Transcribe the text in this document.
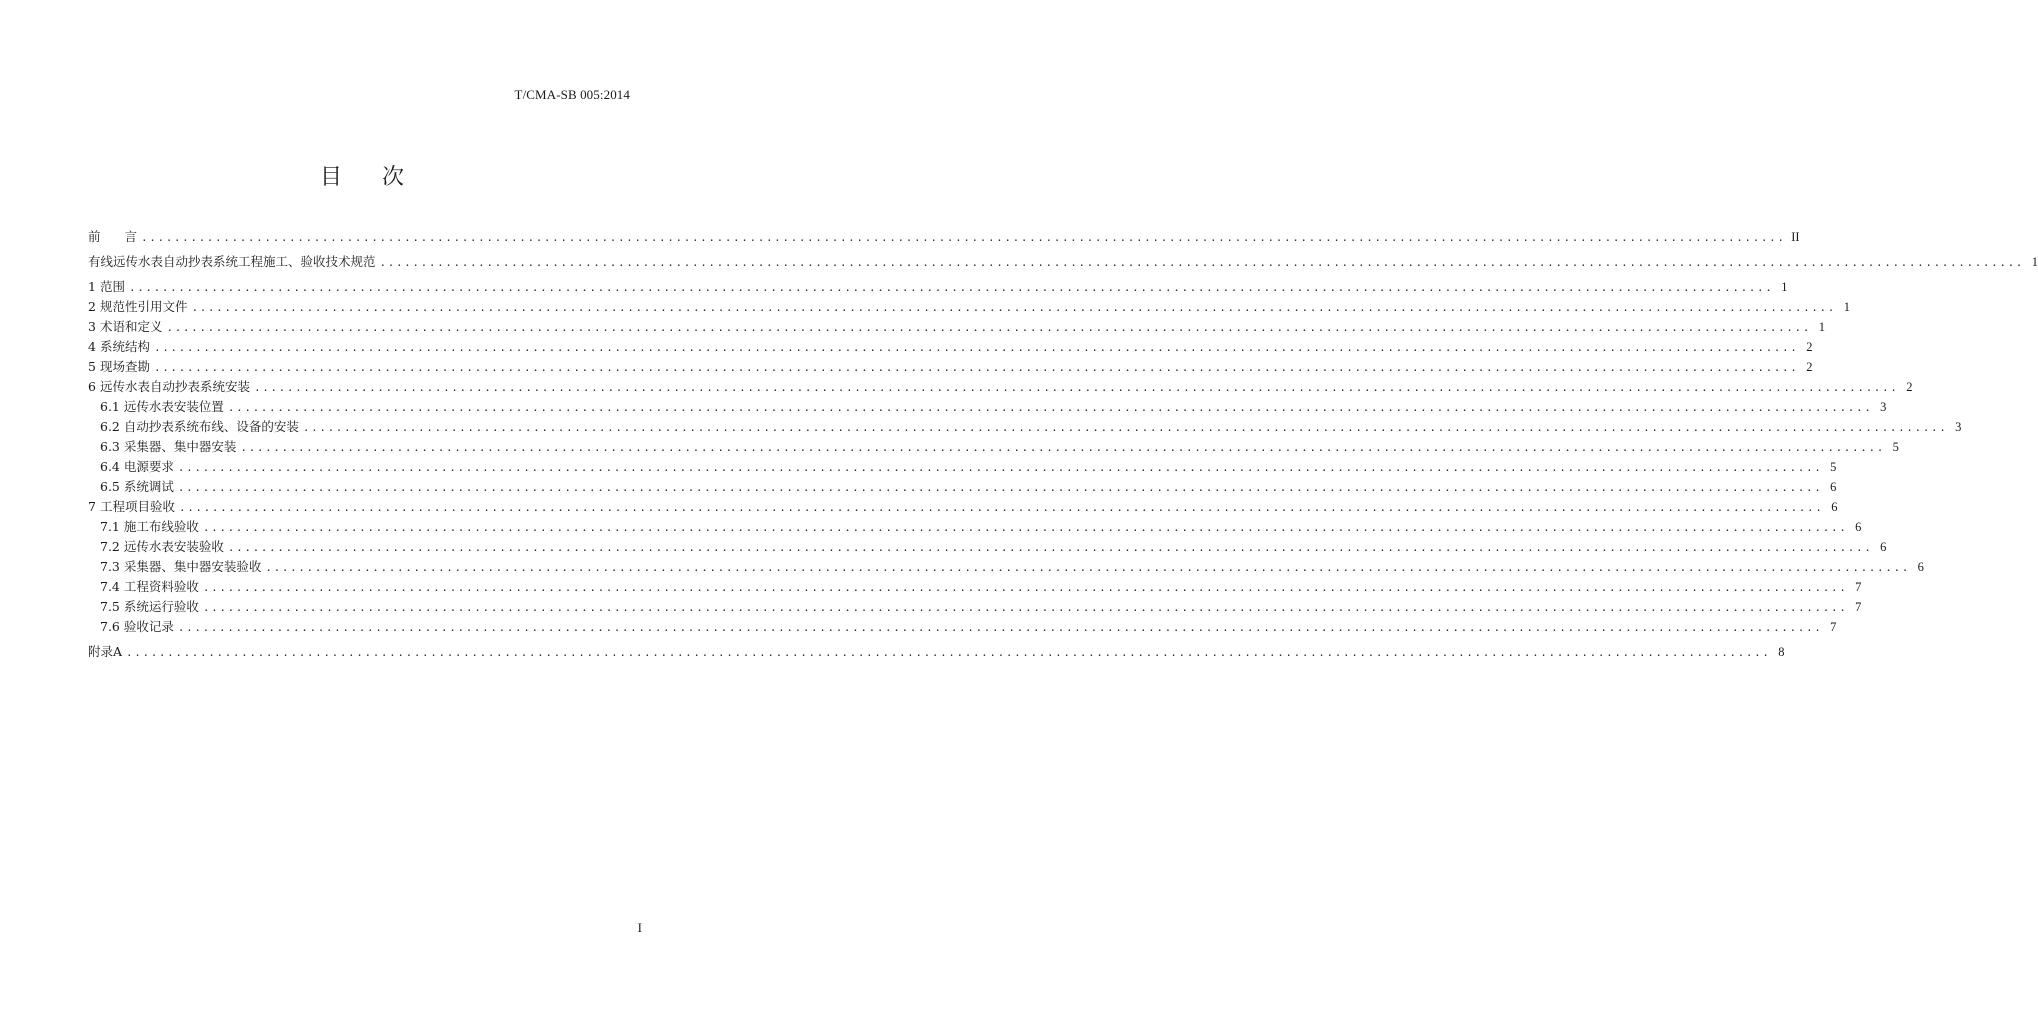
T/CMA-SB 005:2014
目 次
前 言 ........................................................................................................................................................................................................ II
有线远传水表自动抄表系统工程施工、验收技术规范 ........................................................................................................................................................................................................ 1
1 范围 ........................................................................................................................................................................................................ 1
2 规范性引用文件 ........................................................................................................................................................................................................ 1
3 术语和定义 ........................................................................................................................................................................................................ 1
4 系统结构 ........................................................................................................................................................................................................ 2
5 现场查勘 ........................................................................................................................................................................................................ 2
6 远传水表自动抄表系统安装 ........................................................................................................................................................................................................ 2
6.1 远传水表安装位置 ........................................................................................................................................................................................................ 3
6.2 自动抄表系统布线、设备的安装 ........................................................................................................................................................................................................ 3
6.3 采集器、集中器安装 ........................................................................................................................................................................................................ 5
6.4 电源要求 ........................................................................................................................................................................................................ 5
6.5 系统调试 ........................................................................................................................................................................................................ 6
7 工程项目验收 ........................................................................................................................................................................................................ 6
7.1 施工布线验收 ........................................................................................................................................................................................................ 6
7.2 远传水表安装验收 ........................................................................................................................................................................................................ 6
7.3 采集器、集中器安装验收 ........................................................................................................................................................................................................ 6
7.4 工程资料验收 ........................................................................................................................................................................................................ 7
7.5 系统运行验收 ........................................................................................................................................................................................................ 7
7.6 验收记录 ........................................................................................................................................................................................................ 7
附录A ........................................................................................................................................................................................................ 8
I
